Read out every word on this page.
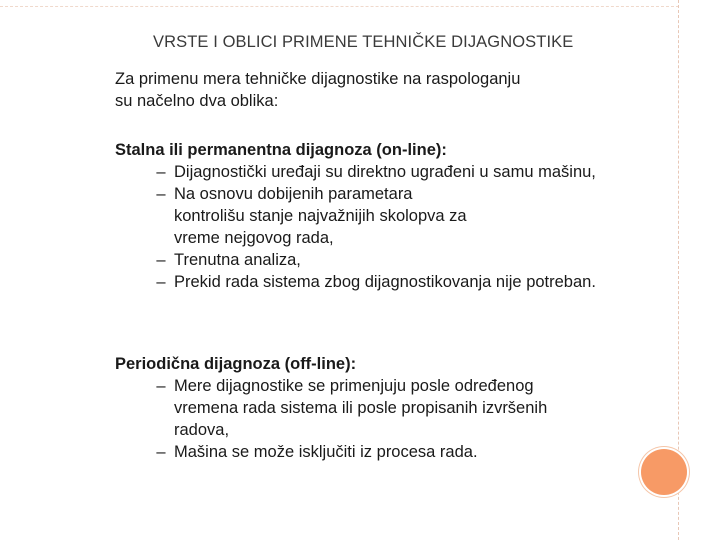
VRSTE I OBLICI PRIMENE TEHNIČKE DIJAGNOSTIKE
Za primenu mera tehničke dijagnostike na raspologanju su načelno dva oblika:

Stalna ili permanentna dijagnoza (on-line):

– Dijagnostički uređaji su direktno ugrađeni u samu mašinu,
– Na osnovu dobijenih parametara kontrolišu stanje najvažnijih skolopva za vreme nejgovog rada,
– Trenutna analiza,
– Prekid rada sistema zbog dijagnostikovanja nije potreban.

Periodična dijagnoza (off-line):

– Mere dijagnostike se primenjuju posle određenog vremena rada sistema ili posle propisanih izvršenih radova,
– Mašina se može isključiti iz procesa rada.
